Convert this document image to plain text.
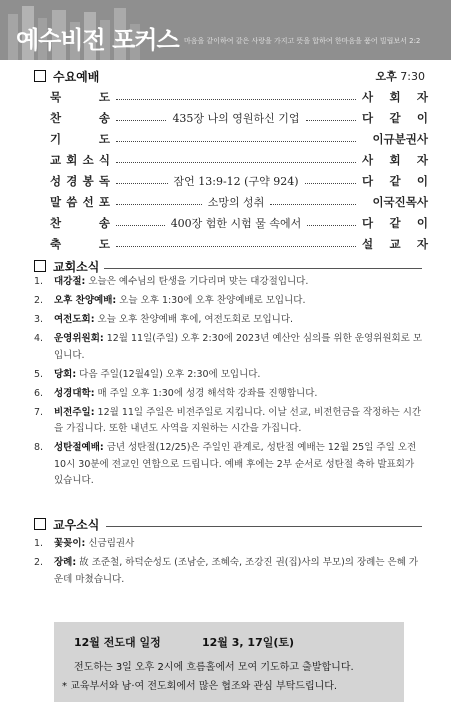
예수비전 포커스 마음을 같이하여 같은 사랑을 가지고 뜻을 합하여 한마음을 품어 빌립보서 2:2
수요예배	오후 7:30
묵	도	사 회 자
찬	송	435장 나의 영원하신 기업	다 같 이
기	도	이규분권사
교 회 소 식	사 회 자
성 경 봉 독	잠언 13:9-12 (구약 924)	다 같 이
말 씀 선 포	소망의 성취	이국진목사
찬	송	400장 험한 시험 물 속에서	다 같 이
축	도	설 교 자
교회소식
1. 대강절: 오늘은 예수님의 탄생을 기다리며 맞는 대강절입니다.
2. 오후 찬양예배: 오늘 오후 1:30에 오후 찬양예배로 모입니다.
3. 여전도회: 오늘 오후 찬양예배 후에, 여전도회로 모입니다.
4. 운영위원회: 12월 11일(주일) 오후 2:30에 2023년 예산안 심의를 위한 운영위원회로 모입니다.
5. 당회: 다음 주일(12월4일) 오후 2:30에 모입니다.
6. 성경대학: 매 주일 오후 1:30에 성경 해석학 강좌를 진행합니다.
7. 비전주일: 12월 11일 주일은 비전주일로 지킵니다. 이날 선교, 비전헌금을 작정하는 시간을 가집니다. 또한 내년도 사역을 지원하는 시간을 가집니다.
8. 성탄절예배: 금년 성탄절(12/25)은 주일인 관계로, 성탄절 예배는 12월 25일 주일 오전 10시 30분에 전교인 연합으로 드립니다. 예배 후에는 2부 순서로 성탄절 축하 발표회가 있습니다.
교우소식
1. 꽃꽂이: 신금림권사
2. 장례: 故 조준철, 하덕순성도 (조남순, 조혜숙, 조강진 권(집)사의 부모)의 장례는 은혜 가운데 마쳤습니다.
12월 전도대 일정	12월 3, 17일(토)
전도하는 3일 오후 2시에 흐름홀에서 모여 기도하고 출발합니다.
* 교육부서와 남·여 전도회에서 많은 협조와 관심 부탁드립니다.
